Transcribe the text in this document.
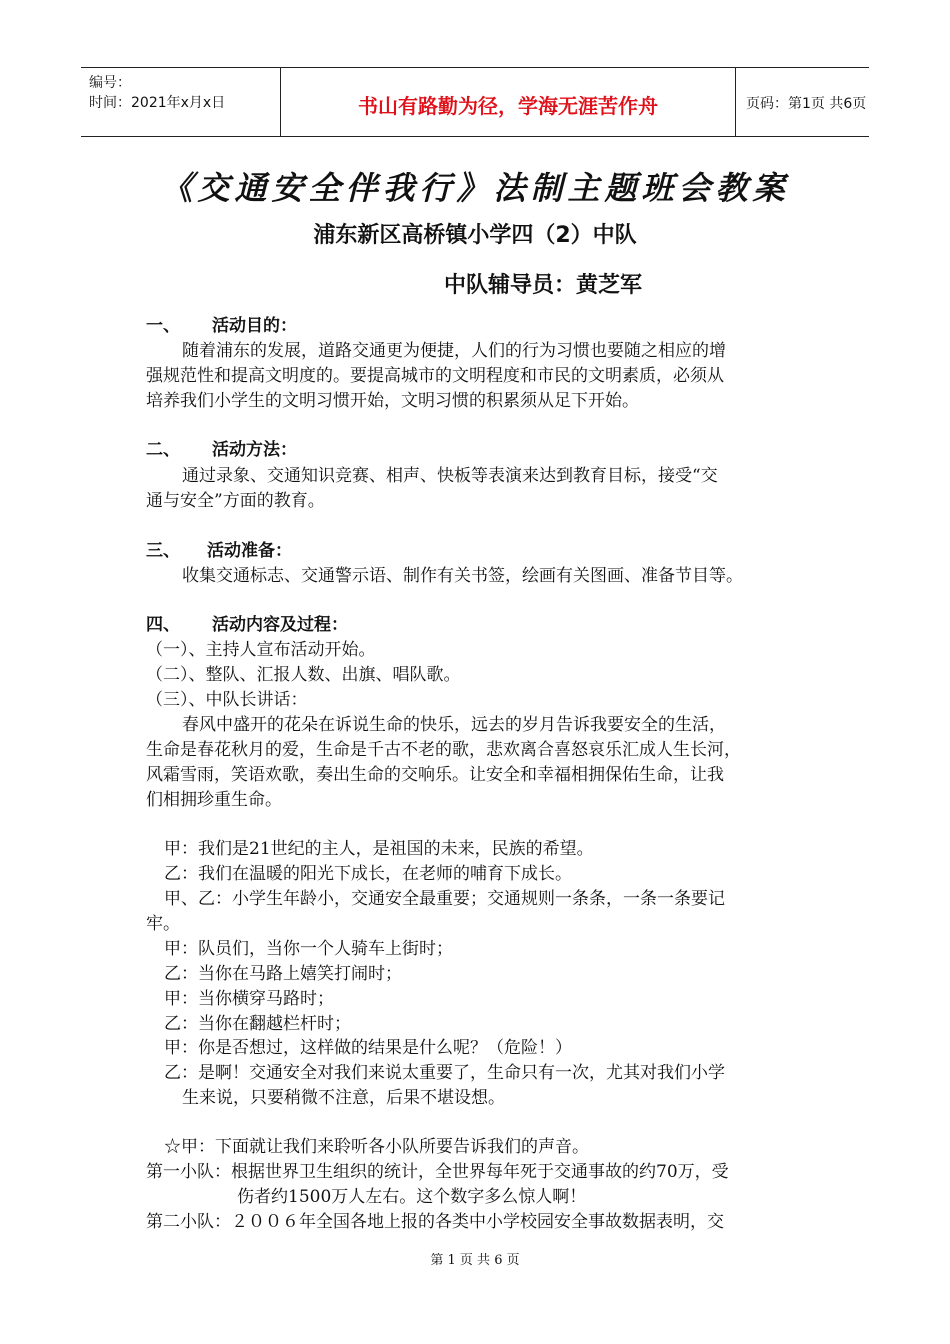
编号：
时间：2021年x月x日	书山有路勤为径，学海无涯苦作舟	页码：第1页 共6页
《交通安全伴我行》法制主题班会教案
浦东新区高桥镇小学四（2）中队
中队辅导员：黄芝军
一、 活动目的：
随着浦东的发展，道路交通更为便捷，人们的行为习惯也要随之相应的增
强规范性和提高文明度的。要提高城市的文明程度和市民的文明素质，必须从
培养我们小学生的文明习惯开始，文明习惯的积累须从足下开始。
二、 活动方法：
通过录象、交通知识竞赛、相声、快板等表演来达到教育目标，接受“交
通与安全”方面的教育。
三、 活动准备：
收集交通标志、交通警示语、制作有关书签，绘画有关图画、准备节目等。
四、 活动内容及过程：
（一）、主持人宣布活动开始。
（二）、整队、汇报人数、出旗、唱队歌。
（三）、中队长讲话：
春风中盛开的花朵在诉说生命的快乐，远去的岁月告诉我要安全的生活，
生命是春花秋月的爱，生命是千古不老的歌，悲欢离合喜怒哀乐汇成人生长河，
风霜雪雨，笑语欢歌，奏出生命的交响乐。让安全和幸福相拥保佑生命，让我
们相拥珍重生命。
甲：我们是21世纪的主人，是祖国的未来，民族的希望。
乙：我们在温暖的阳光下成长，在老师的哺育下成长。
甲、乙：小学生年龄小，交通安全最重要；交通规则一条条，一条一条要记
牢。
甲：队员们，当你一个人骑车上街时；
乙：当你在马路上嬉笑打闹时；
甲：当你横穿马路时；
乙：当你在翻越栏杆时；
甲：你是否想过，这样做的结果是什么呢？（危险！）
乙：是啊！交通安全对我们来说太重要了，生命只有一次，尤其对我们小学
生来说，只要稍微不注意，后果不堪设想。
☆甲：下面就让我们来聆听各小队所要告诉我们的声音。
第一小队：根据世界卫生组织的统计，全世界每年死于交通事故的约70万，受
伤者约1500万人左右。这个数字多么惊人啊！
第二小队：２００６年全国各地上报的各类中小学校园安全事故数据表明，交
第 1 页 共 6 页
